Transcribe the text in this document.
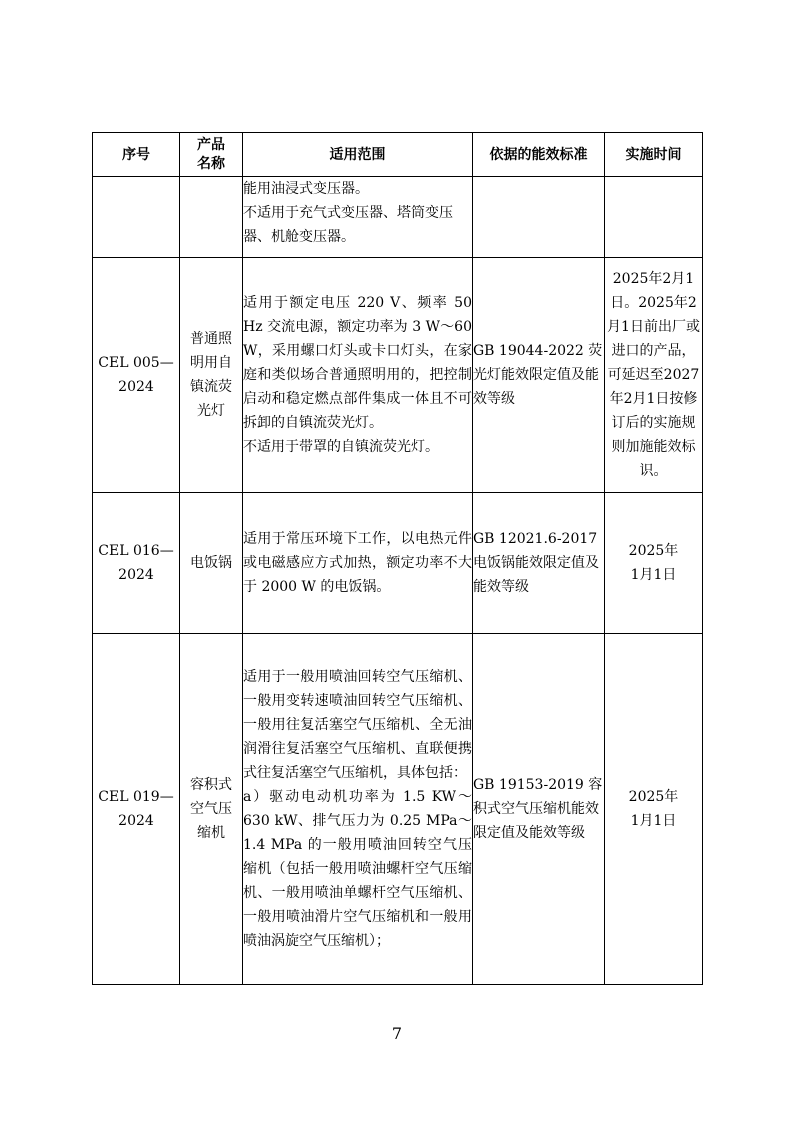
序号	产品名称	适用范围	依据的能效标准	实施时间

		能用油浸式变压器。
不适用于充气式变压器、塔筒变压器、机舱变压器。		

CEL 005—2024	普通照明用自镇流荧光灯	适用于额定电压 220 V、频率 50 Hz 交流电源，额定功率为 3 W～60 W，采用螺口灯头或卡口灯头，在家庭和类似场合普通照明用的，把控制启动和稳定燃点部件集成一体且不可拆卸的自镇流荧光灯。
不适用于带罩的自镇流荧光灯。	GB 19044-2022 荧光灯能效限定值及能效等级	2025年2月1日。2025年2月1日前出厂或进口的产品，可延迟至2027年2月1日按修订后的实施规则加施能效标识。
CEL 016—2024	电饭锅	适用于常压环境下工作，以电热元件或电磁感应方式加热，额定功率不大于 2000 W 的电饭锅。	GB 12021.6-2017 电饭锅能效限定值及能效等级	2025年1月1日

CEL 019—2024	容积式空气压缩机	适用于一般用喷油回转空气压缩机、一般用变转速喷油回转空气压缩机、一般用往复活塞空气压缩机、全无油润滑往复活塞空气压缩机、直联便携式往复活塞空气压缩机，具体包括：
a）驱动电动机功率为 1.5 KW～630 kW、排气压力为 0.25 MPa～1.4 MPa 的一般用喷油回转空气压缩机（包括一般用喷油螺杆空气压缩机、一般用喷油单螺杆空气压缩机、一般用喷油滑片空气压缩机和一般用喷油涡旋空气压缩机）；	GB 19153-2019 容积式空气压缩机能效限定值及能效等级	2025年1月1日
7
